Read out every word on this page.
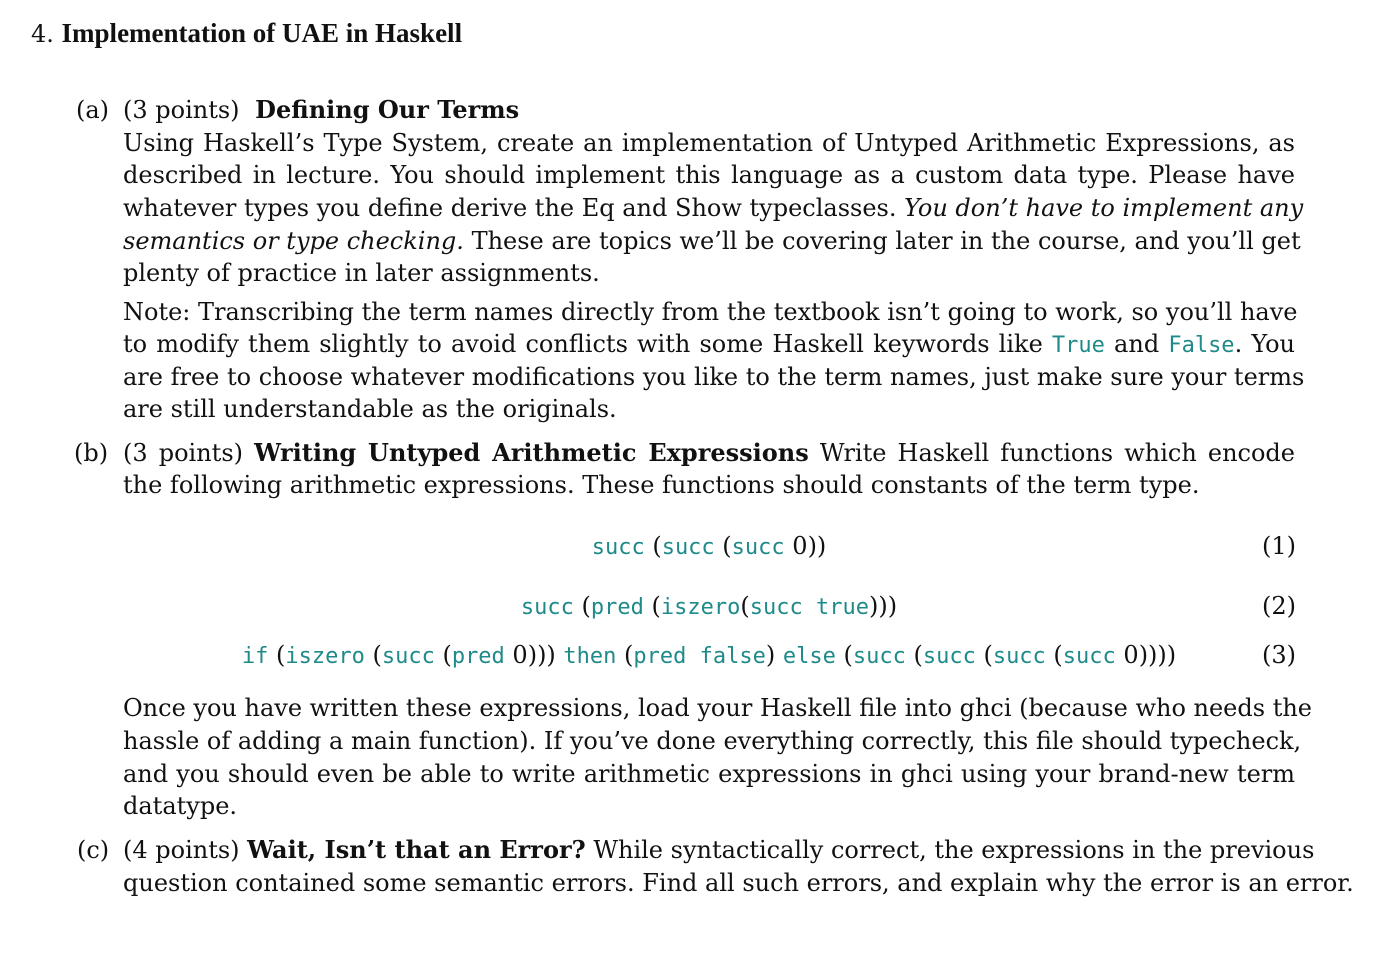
4. Implementation of UAE in Haskell
(a) (3 points) Defining Our Terms
Using Haskell’s Type System, create an implementation of Untyped Arithmetic Expressions, as
described in lecture. You should implement this language as a custom data type. Please have
whatever types you define derive the Eq and Show typeclasses. You don’t have to implement any
semantics or type checking. These are topics we’ll be covering later in the course, and you’ll get
plenty of practice in later assignments.
Note: Transcribing the term names directly from the textbook isn’t going to work, so you’ll have
to modify them slightly to avoid conflicts with some Haskell keywords like True and False. You
are free to choose whatever modifications you like to the term names, just make sure your terms
are still understandable as the originals.
(b) (3 points) Writing Untyped Arithmetic Expressions Write Haskell functions which encode
the following arithmetic expressions. These functions should constants of the term type.
succ (succ (succ 0))	(1)
succ (pred (iszero(succ true)))	(2)
if (iszero (succ (pred 0))) then (pred false) else (succ (succ (succ (succ 0))))	(3)
Once you have written these expressions, load your Haskell file into ghci (because who needs the
hassle of adding a main function). If you’ve done everything correctly, this file should typecheck,
and you should even be able to write arithmetic expressions in ghci using your brand-new term
datatype.
(c) (4 points) Wait, Isn’t that an Error? While syntactically correct, the expressions in the previous
question contained some semantic errors. Find all such errors, and explain why the error is an error.
